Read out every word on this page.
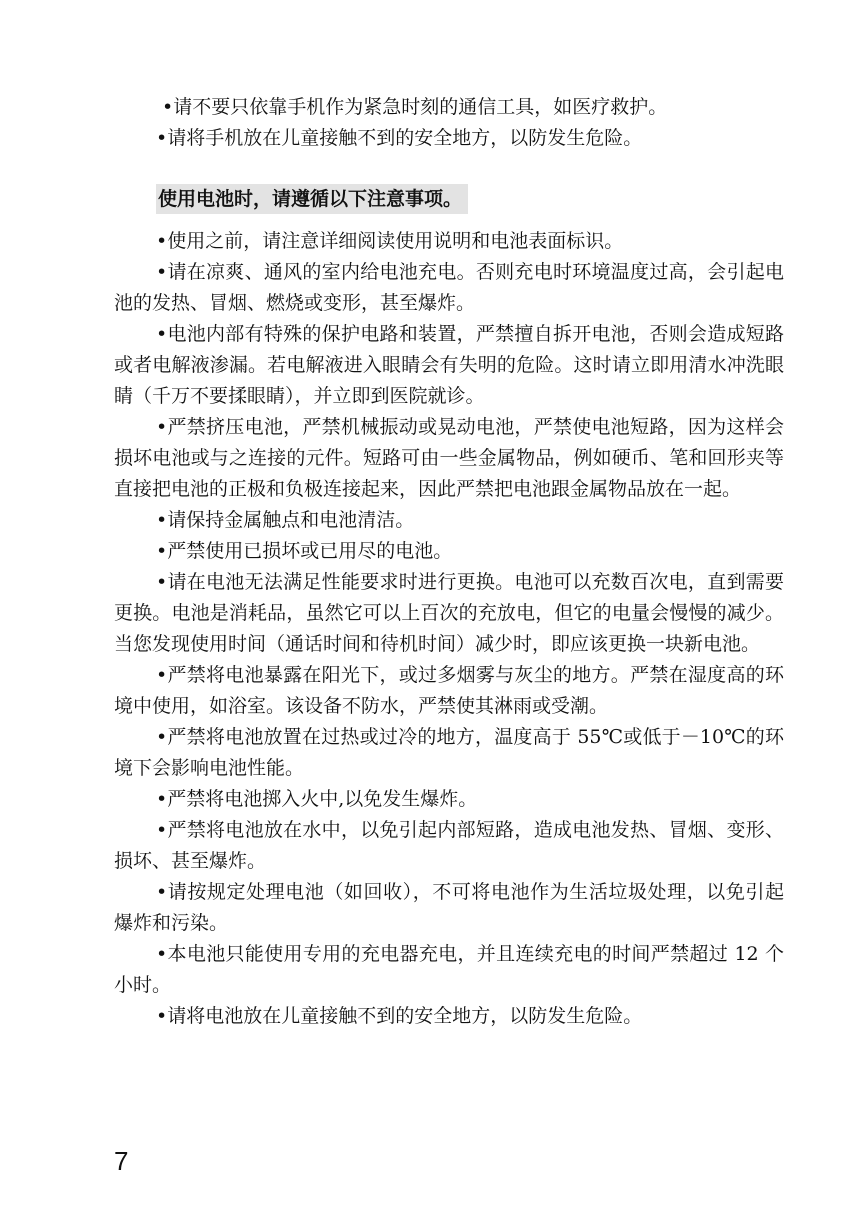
•请不要只依靠手机作为紧急时刻的通信工具，如医疗救护。

•请将手机放在儿童接触不到的安全地方，以防发生危险。

使用电池时，请遵循以下注意事项。

•使用之前，请注意详细阅读使用说明和电池表面标识。

•请在凉爽、通风的室内给电池充电。否则充电时环境温度过高，会引起电池的发热、冒烟、燃烧或变形，甚至爆炸。

•电池内部有特殊的保护电路和装置，严禁擅自拆开电池，否则会造成短路或者电解液渗漏。若电解液进入眼睛会有失明的危险。这时请立即用清水冲洗眼睛（千万不要揉眼睛），并立即到医院就诊。

•严禁挤压电池，严禁机械振动或晃动电池，严禁使电池短路，因为这样会损坏电池或与之连接的元件。短路可由一些金属物品，例如硬币、笔和回形夹等直接把电池的正极和负极连接起来，因此严禁把电池跟金属物品放在一起。

•请保持金属触点和电池清洁。

•严禁使用已损坏或已用尽的电池。

•请在电池无法满足性能要求时进行更换。电池可以充数百次电，直到需要更换。电池是消耗品，虽然它可以上百次的充放电，但它的电量会慢慢的减少。当您发现使用时间（通话时间和待机时间）减少时，即应该更换一块新电池。

•严禁将电池暴露在阳光下，或过多烟雾与灰尘的地方。严禁在湿度高的环境中使用，如浴室。该设备不防水，严禁使其淋雨或受潮。

•严禁将电池放置在过热或过冷的地方，温度高于 55℃或低于－10℃的环境下会影响电池性能。

•严禁将电池掷入火中,以免发生爆炸。

•严禁将电池放在水中，以免引起内部短路，造成电池发热、冒烟、变形、损坏、甚至爆炸。

•请按规定处理电池（如回收），不可将电池作为生活垃圾处理，以免引起爆炸和污染。

•本电池只能使用专用的充电器充电，并且连续充电的时间严禁超过 12 个小时。

•请将电池放在儿童接触不到的安全地方，以防发生危险。

7
